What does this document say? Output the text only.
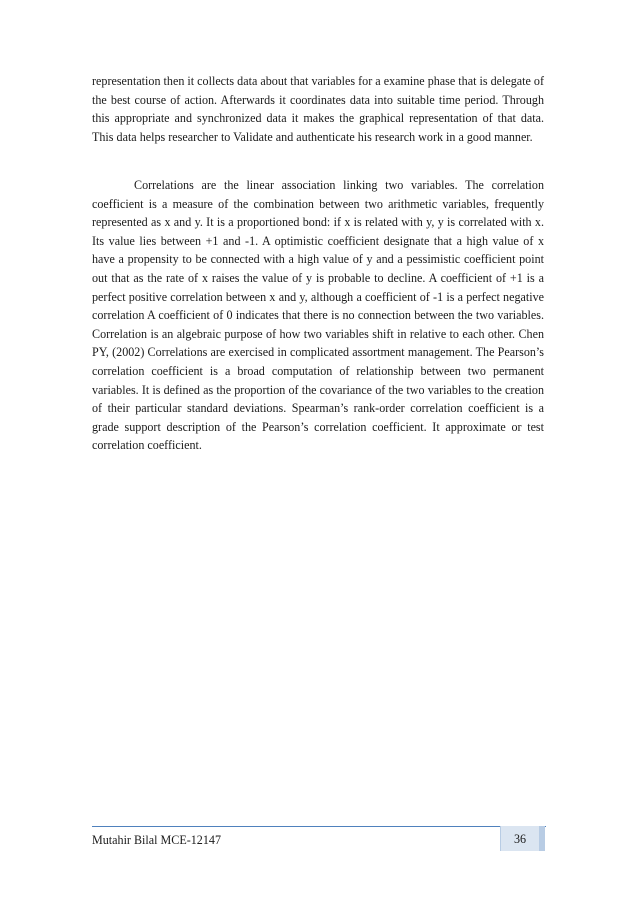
representation then it collects data about that variables for a examine phase that is delegate of the best course of action. Afterwards it coordinates data into suitable time period. Through this appropriate and synchronized data it makes the graphical representation of that data. This data helps researcher to Validate and authenticate his research work in a good manner.

Correlations are the linear association linking two variables. The correlation coefficient is a measure of the combination between two arithmetic variables, frequently represented as x and y. It is a proportioned bond: if x is related with y, y is correlated with x. Its value lies between +1 and -1. A optimistic coefficient designate that a high value of x have a propensity to be connected with a high value of y and a pessimistic coefficient point out that as the rate of x raises the value of y is probable to decline. A coefficient of +1 is a perfect positive correlation between x and y, although a coefficient of -1 is a perfect negative correlation A coefficient of 0 indicates that there is no connection between the two variables. Correlation is an algebraic purpose of how two variables shift in relative to each other. Chen PY, (2002) Correlations are exercised in complicated assortment management. The Pearson’s correlation coefficient is a broad computation of relationship between two permanent variables. It is defined as the proportion of the covariance of the two variables to the creation of their particular standard deviations. Spearman’s rank-order correlation coefficient is a grade support description of the Pearson’s correlation coefficient. It approximate or test correlation coefficient.

Mutahir Bilal MCE-12147	36
